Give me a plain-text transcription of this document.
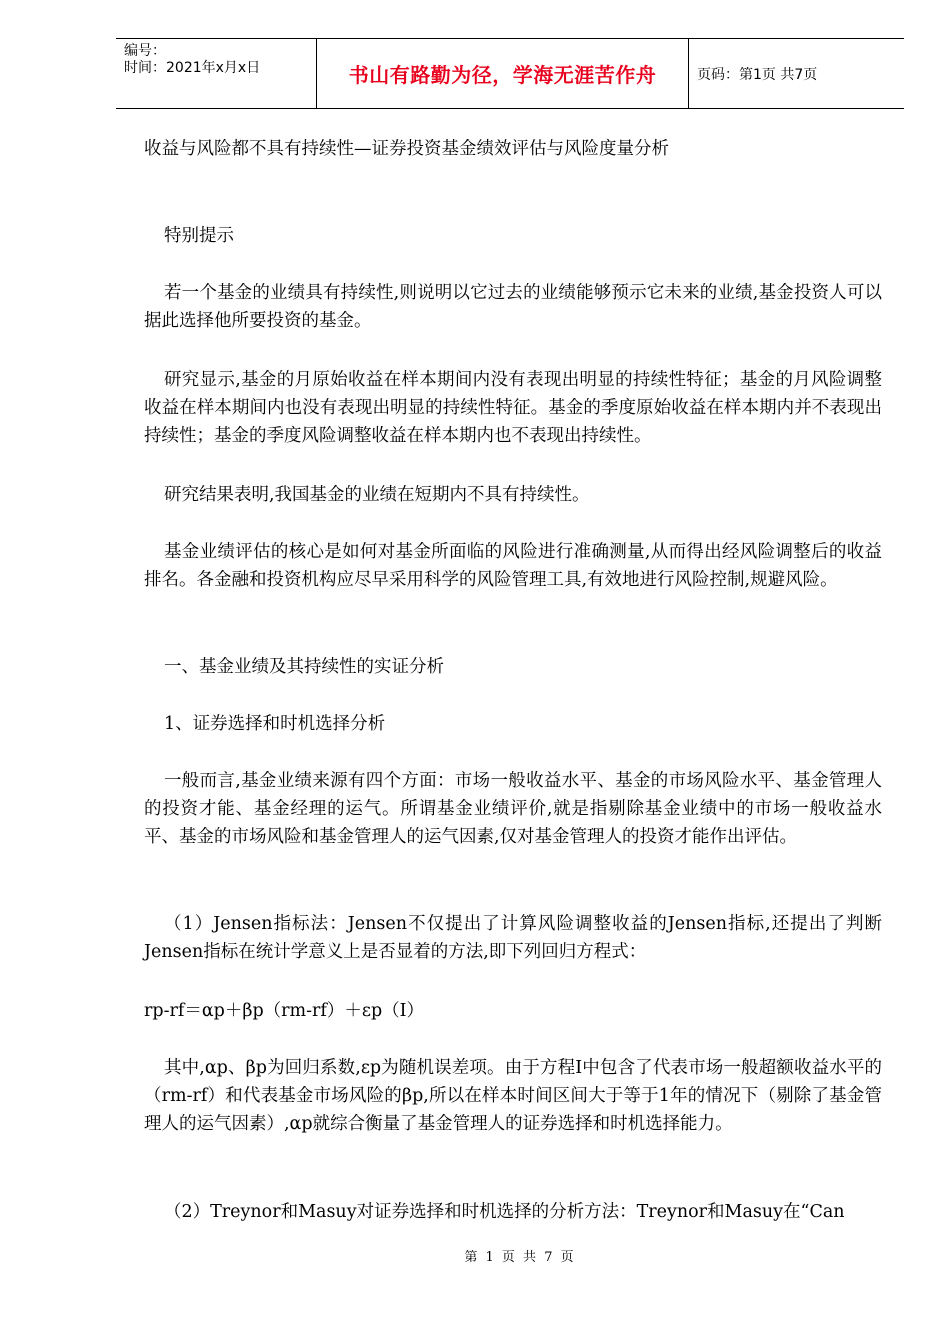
编号：
时间：2021年x月x日	书山有路勤为径，学海无涯苦作舟	页码：第1页 共7页

收益与风险都不具有持续性—证券投资基金绩效评估与风险度量分析

特别提示

若一个基金的业绩具有持续性,则说明以它过去的业绩能够预示它未来的业绩,基金投资人可以据此选择他所要投资的基金。

研究显示,基金的月原始收益在样本期间内没有表现出明显的持续性特征；基金的月风险调整收益在样本期间内也没有表现出明显的持续性特征。基金的季度原始收益在样本期内并不表现出持续性；基金的季度风险调整收益在样本期内也不表现出持续性。

研究结果表明,我国基金的业绩在短期内不具有持续性。

基金业绩评估的核心是如何对基金所面临的风险进行准确测量,从而得出经风险调整后的收益排名。各金融和投资机构应尽早采用科学的风险管理工具,有效地进行风险控制,规避风险。

一、基金业绩及其持续性的实证分析

1、证券选择和时机选择分析

一般而言,基金业绩来源有四个方面：市场一般收益水平、基金的市场风险水平、基金管理人的投资才能、基金经理的运气。所谓基金业绩评价,就是指剔除基金业绩中的市场一般收益水平、基金的市场风险和基金管理人的运气因素,仅对基金管理人的投资才能作出评估。

（1）Jensen指标法：Jensen不仅提出了计算风险调整收益的Jensen指标,还提出了判断Jensen指标在统计学意义上是否显着的方法,即下列回归方程式：

rp-rf＝αp＋βp（rm-rf）＋εp（I）

其中,αp、βp为回归系数,εp为随机误差项。由于方程I中包含了代表市场一般超额收益水平的（rm-rf）和代表基金市场风险的βp,所以在样本时间区间大于等于1年的情况下（剔除了基金管理人的运气因素）,αp就综合衡量了基金管理人的证券选择和时机选择能力。

（2）Treynor和Masuy对证券选择和时机选择的分析方法：Treynor和Masuy在“Can

第 1 页 共 7 页
